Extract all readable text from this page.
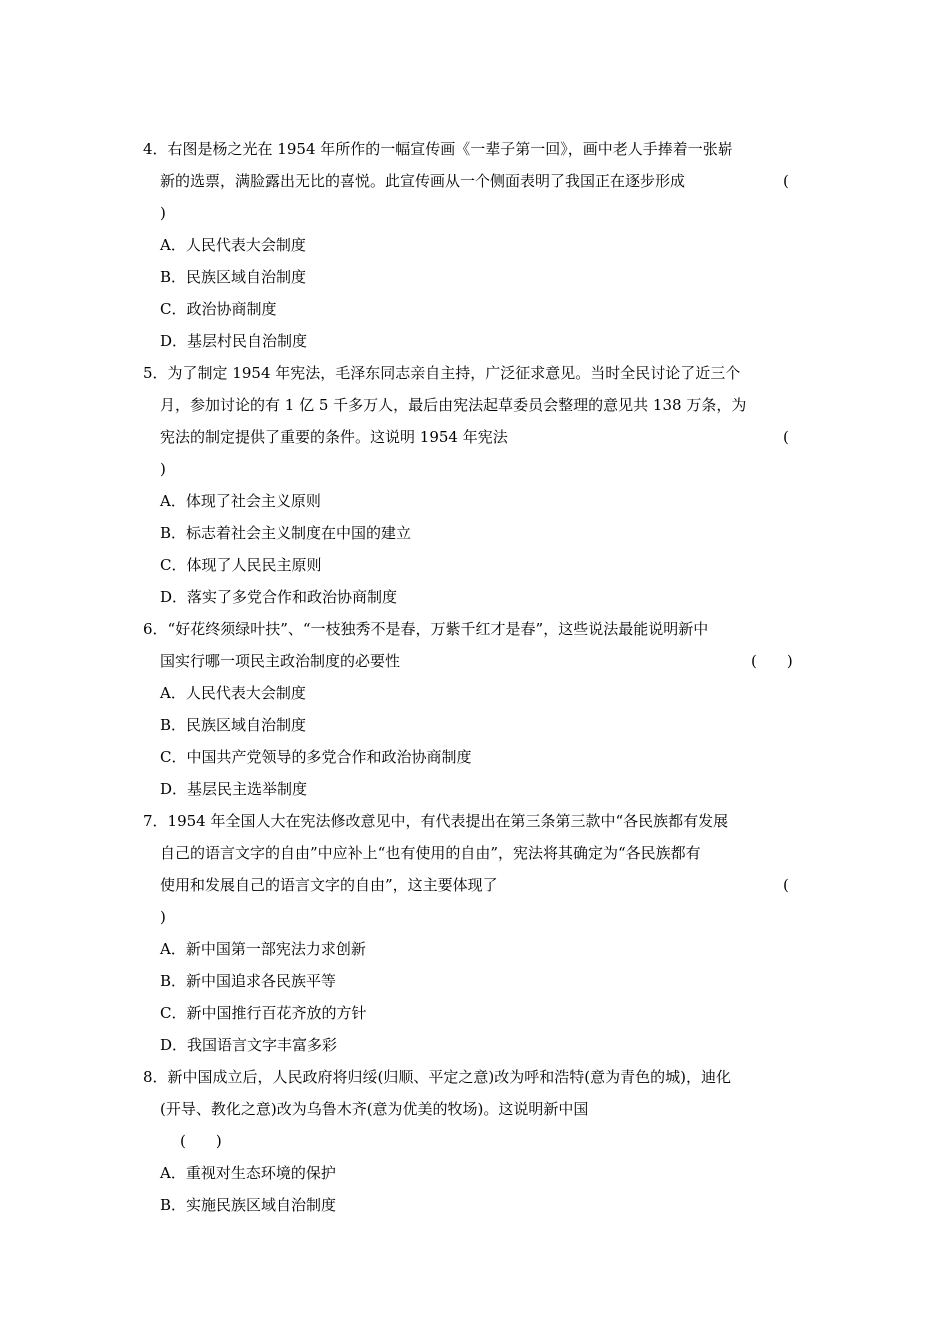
4．右图是杨之光在 1954 年所作的一幅宣传画《一辈子第一回》，画中老人手捧着一张崭
新的选票，满脸露出无比的喜悦。此宣传画从一个侧面表明了我国正在逐步形成	(
)
A．人民代表大会制度
B．民族区域自治制度
C．政治协商制度
D．基层村民自治制度
5．为了制定 1954 年宪法，毛泽东同志亲自主持，广泛征求意见。当时全民讨论了近三个
月，参加讨论的有 1 亿 5 千多万人，最后由宪法起草委员会整理的意见共 138 万条，为
宪法的制定提供了重要的条件。这说明 1954 年宪法	(
)
A．体现了社会主义原则
B．标志着社会主义制度在中国的建立
C．体现了人民民主原则
D．落实了多党合作和政治协商制度
6．“好花终须绿叶扶”、“一枝独秀不是春，万紫千红才是春”，这些说法最能说明新中
国实行哪一项民主政治制度的必要性	(　　)
A．人民代表大会制度
B．民族区域自治制度
C．中国共产党领导的多党合作和政治协商制度
D．基层民主选举制度
7．1954 年全国人大在宪法修改意见中，有代表提出在第三条第三款中“各民族都有发展
自己的语言文字的自由”中应补上“也有使用的自由”，宪法将其确定为“各民族都有
使用和发展自己的语言文字的自由”，这主要体现了	(
)
A．新中国第一部宪法力求创新
B．新中国追求各民族平等
C．新中国推行百花齐放的方针
D．我国语言文字丰富多彩
8．新中国成立后，人民政府将归绥(归顺、平定之意)改为呼和浩特(意为青色的城)，迪化
(开导、教化之意)改为乌鲁木齐(意为优美的牧场)。这说明新中国
(　　)
A．重视对生态环境的保护
B．实施民族区域自治制度
